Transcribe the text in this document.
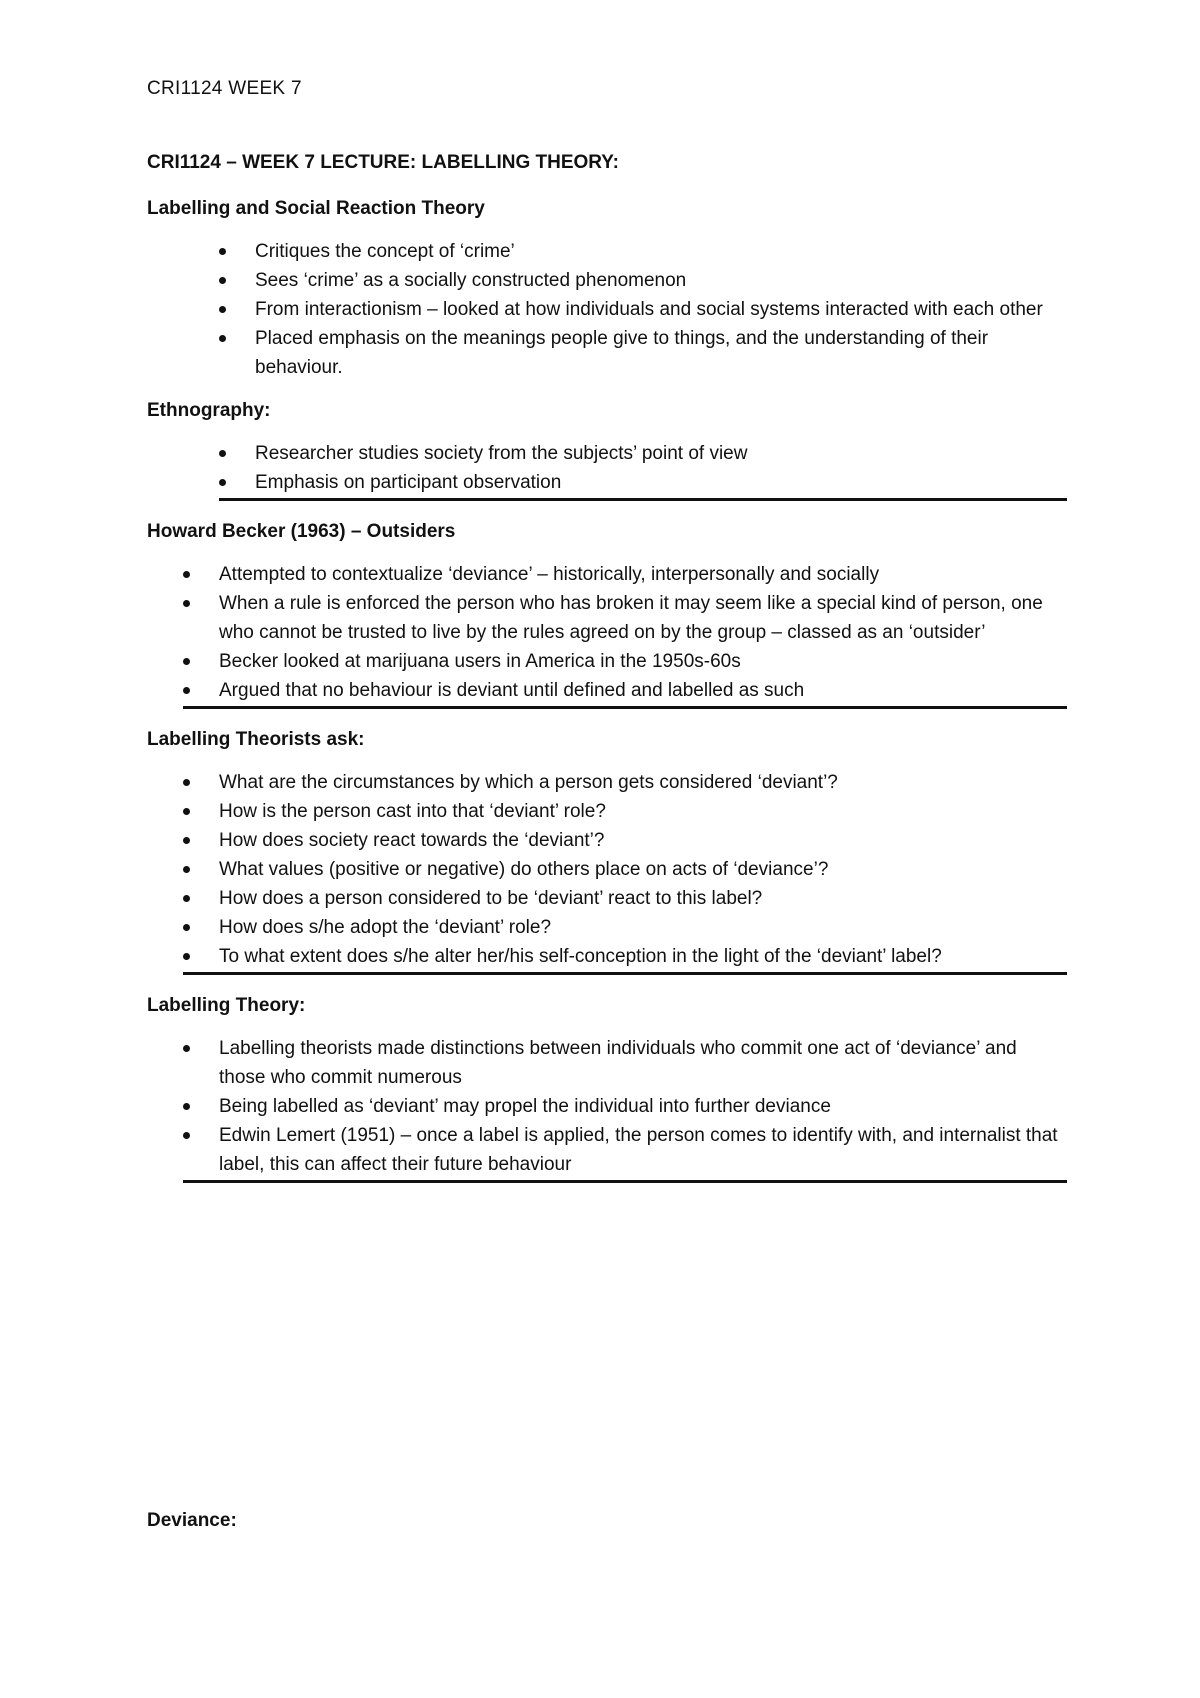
CRI1124 WEEK 7
CRI1124 – WEEK 7 LECTURE: LABELLING THEORY:
Labelling and Social Reaction Theory
Critiques the concept of ‘crime’
Sees ‘crime’ as a socially constructed phenomenon
From interactionism – looked at how individuals and social systems interacted with each other
Placed emphasis on the meanings people give to things, and the understanding of their behaviour.
Ethnography:
Researcher studies society from the subjects’ point of view
Emphasis on participant observation
Howard Becker (1963) – Outsiders
Attempted to contextualize ‘deviance’ – historically, interpersonally and socially
When a rule is enforced the person who has broken it may seem like a special kind of person, one who cannot be trusted to live by the rules agreed on by the group – classed as an ‘outsider’
Becker looked at marijuana users in America in the 1950s-60s
Argued that no behaviour is deviant until defined and labelled as such
Labelling Theorists ask:
What are the circumstances by which a person gets considered ‘deviant’?
How is the person cast into that ‘deviant’ role?
How does society react towards the ‘deviant’?
What values (positive or negative) do others place on acts of ‘deviance’?
How does a person considered to be ‘deviant’ react to this label?
How does s/he adopt the ‘deviant’ role?
To what extent does s/he alter her/his self-conception in the light of the ‘deviant’ label?
Labelling Theory:
Labelling theorists made distinctions between individuals who commit one act of ‘deviance’ and those who commit numerous
Being labelled as ‘deviant’ may propel the individual into further deviance
Edwin Lemert (1951) – once a label is applied, the person comes to identify with, and internalist that label, this can affect their future behaviour
Deviance:
